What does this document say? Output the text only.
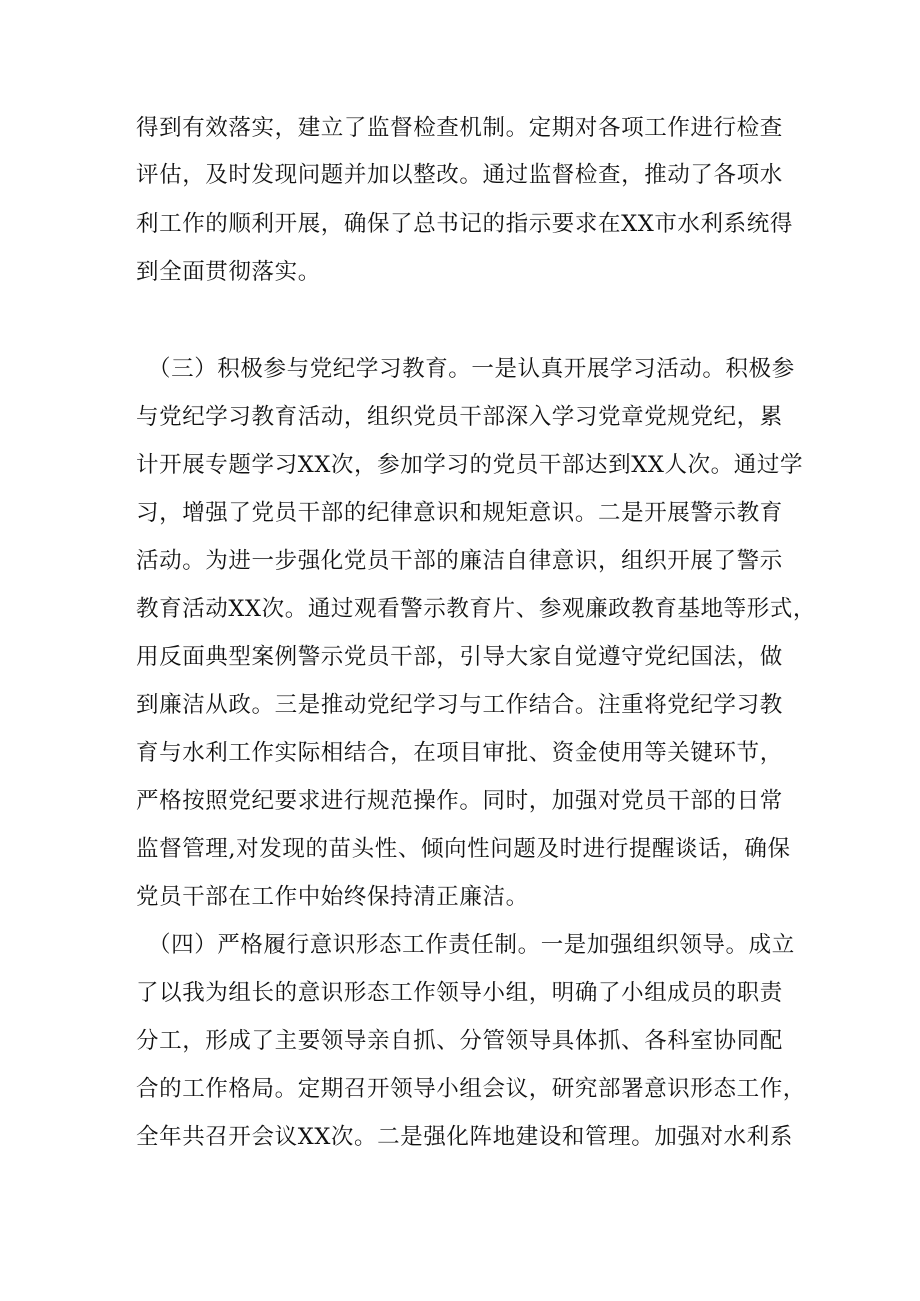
得到有效落实，建立了监督检查机制。定期对各项工作进行检查
评估，及时发现问题并加以整改。通过监督检查，推动了各项水
利工作的顺利开展，确保了总书记的指示要求在XX市水利系统得
到全面贯彻落实。
（三）积极参与党纪学习教育。一是认真开展学习活动。积极参
与党纪学习教育活动，组织党员干部深入学习党章党规党纪，累
计开展专题学习XX次，参加学习的党员干部达到XX人次。通过学
习，增强了党员干部的纪律意识和规矩意识。二是开展警示教育
活动。为进一步强化党员干部的廉洁自律意识，组织开展了警示
教育活动XX次。通过观看警示教育片、参观廉政教育基地等形式，
用反面典型案例警示党员干部，引导大家自觉遵守党纪国法，做
到廉洁从政。三是推动党纪学习与工作结合。注重将党纪学习教
育与水利工作实际相结合，在项目审批、资金使用等关键环节，
严格按照党纪要求进行规范操作。同时，加强对党员干部的日常
监督管理,对发现的苗头性、倾向性问题及时进行提醒谈话，确保
党员干部在工作中始终保持清正廉洁。
（四）严格履行意识形态工作责任制。一是加强组织领导。成立
了以我为组长的意识形态工作领导小组，明确了小组成员的职责
分工，形成了主要领导亲自抓、分管领导具体抓、各科室协同配
合的工作格局。定期召开领导小组会议，研究部署意识形态工作，
全年共召开会议XX次。二是强化阵地建设和管理。加强对水利系
